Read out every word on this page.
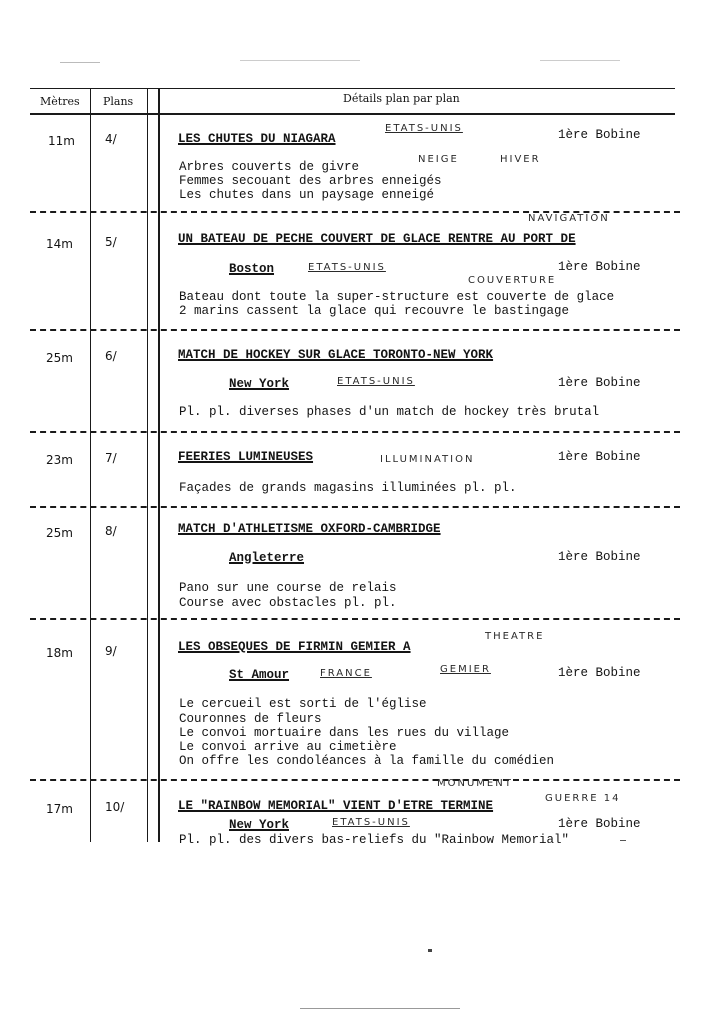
Mètres Plans	Détails plan par plan
11m	4/	LES CHUTES DU NIAGARA
ETATS-UNIS	1ère Bobine
NEIGE	HIVER
Arbres couverts de givre
Femmes secouant des arbres enneigés
Les chutes dans un paysage enneigé
NAVIGATION
14m	5/	UN BATEAU DE PECHE COUVERT DE GLACE RENTRE AU PORT DE
Boston	ETATS-UNIS	1ère Bobine
COUVERTURE
Bateau dont toute la super-structure est couverte de glace
2 marins cassent la glace qui recouvre le bastingage
25m	6/	MATCH DE HOCKEY SUR GLACE TORONTO-NEW YORK
New York	ETATS-UNIS	1ère Bobine
Pl. pl. diverses phases d'un match de hockey très brutal
23m	7/	FEERIES LUMINEUSES	ILLUMINATION	1ère Bobine
Façades de grands magasins illuminées pl. pl.
25m	8/	MATCH D'ATHLETISME OXFORD-CAMBRIDGE
Angleterre	1ère Bobine
Pano sur une course de relais
Course avec obstacles pl. pl.
THEATRE
18m	9/	LES OBSEQUES DE FIRMIN GEMIER A
St Amour	FRANCE	GEMIER	1ère Bobine
Le cercueil est sorti de l'église
Couronnes de fleurs
Le convoi mortuaire dans les rues du village
Le convoi arrive au cimetière
On offre les condoléances à la famille du comédien
MONUMENT
17m	10/	LE "RAINBOW MEMORIAL" VIENT D'ETRE TERMINE
GUERRE 14
New York	ETATS-UNIS	1ère Bobine
Pl. pl. des divers bas-reliefs du "Rainbow Memorial"
